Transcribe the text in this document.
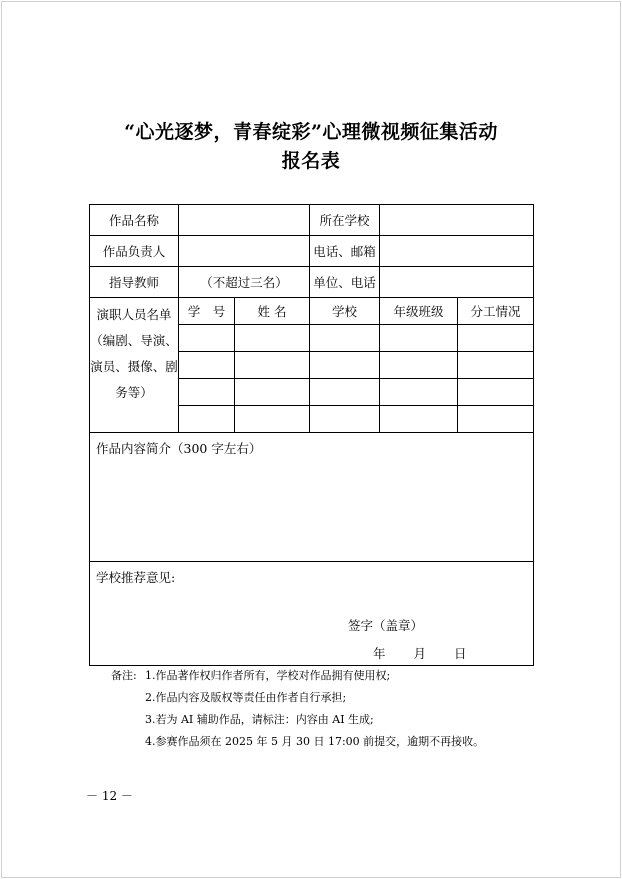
“心光逐梦，青春绽彩”心理微视频征集活动
报名表
作品名称			所在学校		
作品负责人			电话、邮箱		
指导教师	（不超过三名）		单位、电话		
演职人员名单（编剧、导演、演员、摄像、剧务等）	学　号	姓 名	学校	年级班级	分工情况

作品内容简介（300 字左右）					
学校推荐意见:
签字（盖章）
年 月 日					
备注: 1.作品著作权归作者所有，学校对作品拥有使用权;
2.作品内容及版权等责任由作者自行承担;
3.若为 AI 辅助作品，请标注：内容由 AI 生成;
4.参赛作品须在 2025 年 5 月 30 日 17:00 前提交，逾期不再接收。
－ 12 －
